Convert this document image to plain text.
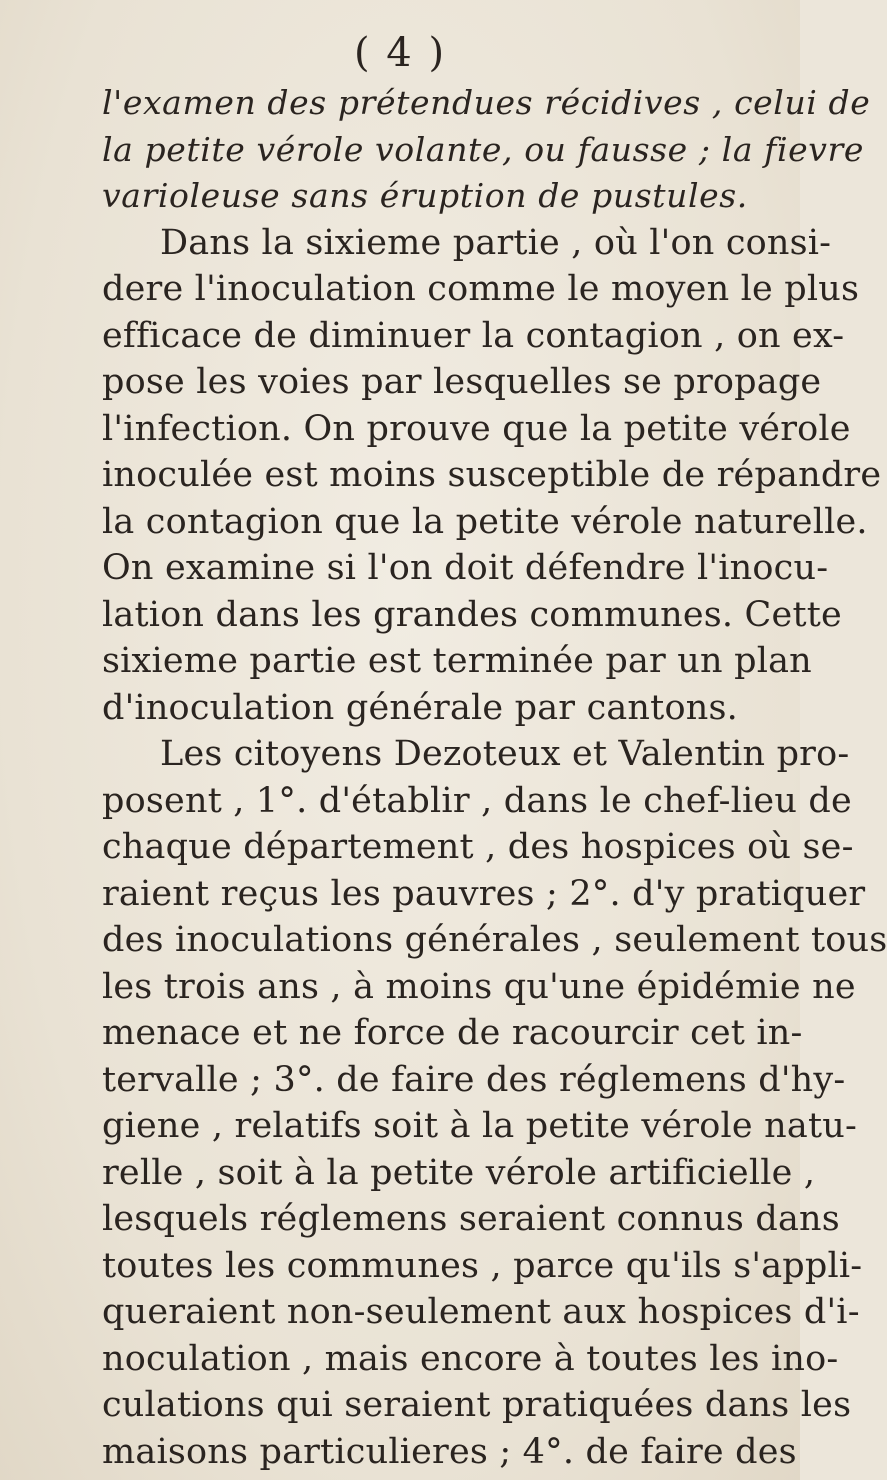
( 4 )
l'examen des prétendues récidives , celui de
la petite vérole volante, ou fausse ; la fievre
varioleuse sans éruption de pustules.
Dans la sixieme partie , où l'on consi-
dere l'inoculation comme le moyen le plus
efficace de diminuer la contagion , on ex-
pose les voies par lesquelles se propage
l'infection. On prouve que la petite vérole
inoculée est moins susceptible de répandre
la contagion que la petite vérole naturelle.
On examine si l'on doit défendre l'inocu-
lation dans les grandes communes. Cette
sixieme partie est terminée par un plan
d'inoculation générale par cantons.
Les citoyens Dezoteux et Valentin pro-
posent , 1°. d'établir , dans le chef-lieu de
chaque département , des hospices où se-
raient reçus les pauvres ; 2°. d'y pratiquer
des inoculations générales , seulement tous
les trois ans , à moins qu'une épidémie ne
menace et ne force de racourcir cet in-
tervalle ; 3°. de faire des réglemens d'hy-
giene , relatifs soit à la petite vérole natu-
relle , soit à la petite vérole artificielle ,
lesquels réglemens seraient connus dans
toutes les communes , parce qu'ils s'appli-
queraient non-seulement aux hospices d'i-
noculation , mais encore à toutes les ino-
culations qui seraient pratiquées dans les
maisons particulieres ; 4°. de faire des
